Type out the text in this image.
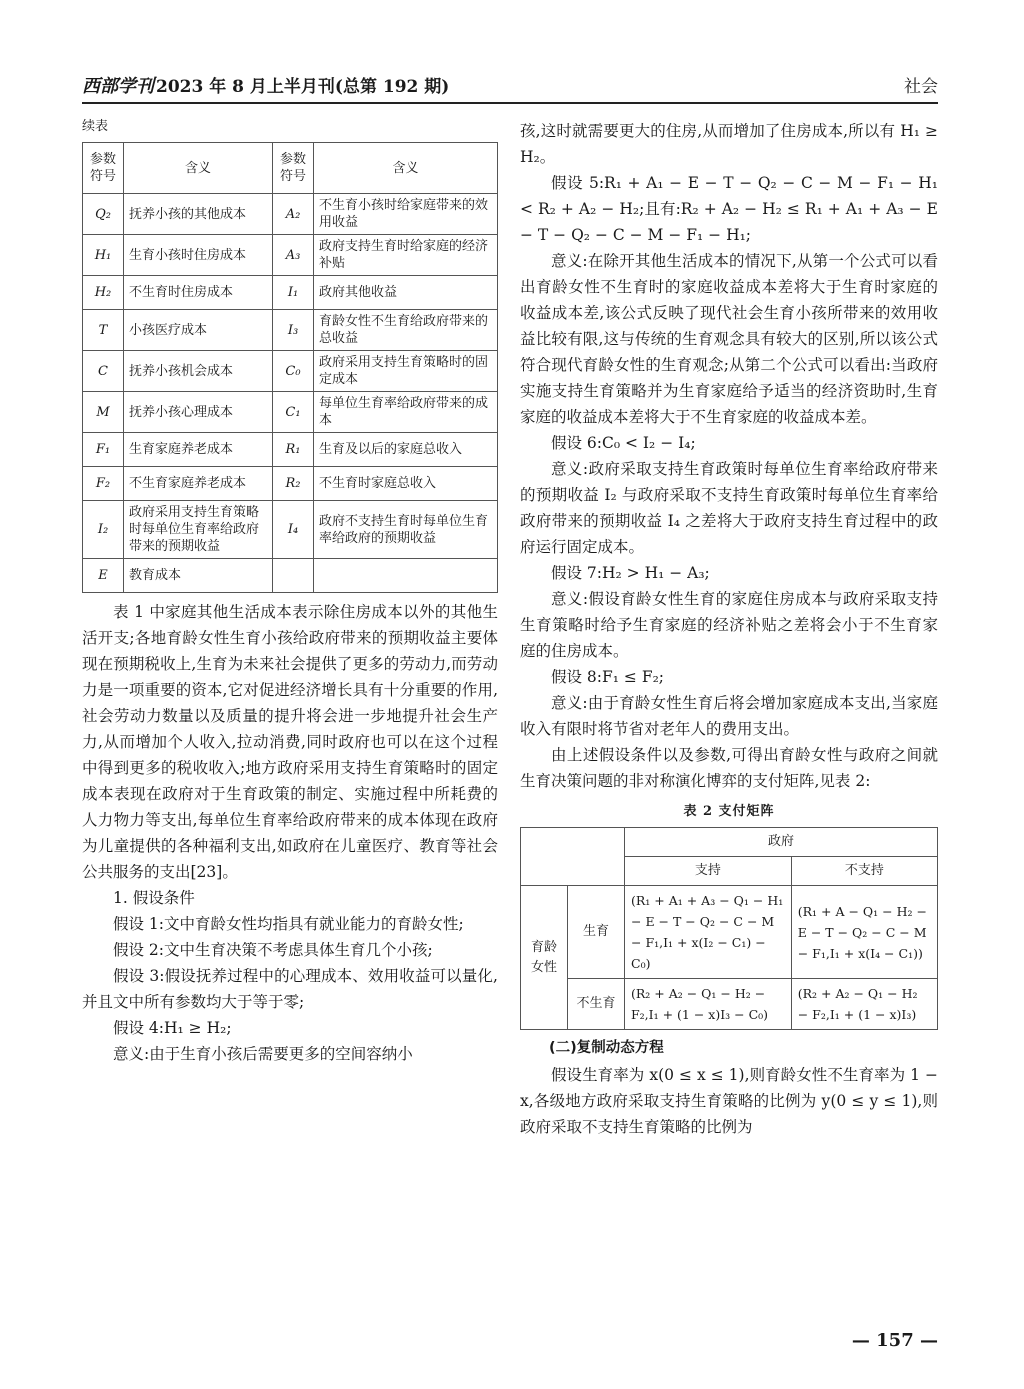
西部学刊 2023 年 8 月上半月刊(总第 192 期)	社会
续表
参数符号	含义	参数符号	含义
Q₂	抚养小孩的其他成本	A₂	不生育小孩时给家庭带来的效用收益
H₁	生育小孩时住房成本	A₃	政府支持生育时给家庭的经济补贴
H₂	不生育时住房成本	I₁	政府其他收益
T	小孩医疗成本	I₃	育龄女性不生育给政府带来的总收益
C	抚养小孩机会成本	C₀	政府采用支持生育策略时的固定成本
M	抚养小孩心理成本	C₁	每单位生育率给政府带来的成本
F₁	生育家庭养老成本	R₁	生育及以后的家庭总收入
F₂	不生育家庭养老成本	R₂	不生育时家庭总收入
I₂	政府采用支持生育策略时每单位生育率给政府带来的预期收益	I₄	政府不支持生育时每单位生育率给政府的预期收益
E	教育成本		

表 1 中家庭其他生活成本表示除住房成本以外的其他生活开支;各地育龄女性生育小孩给政府带来的预期收益主要体现在预期税收上,生育为未来社会提供了更多的劳动力,而劳动力是一项重要的资本,它对促进经济增长具有十分重要的作用,社会劳动力数量以及质量的提升将会进一步地提升社会生产力,从而增加个人收入,拉动消费,同时政府也可以在这个过程中得到更多的税收收入;地方政府采用支持生育策略时的固定成本表现在政府对于生育政策的制定、实施过程中所耗费的人力物力等支出,每单位生育率给政府带来的成本体现在政府为儿童提供的各种福利支出,如政府在儿童医疗、教育等社会公共服务的支出[23]。

1. 假设条件

假设 1:文中育龄女性均指具有就业能力的育龄女性;

假设 2:文中生育决策不考虑具体生育几个小孩;

假设 3:假设抚养过程中的心理成本、效用收益可以量化,并且文中所有参数均大于等于零;

假设 4:H₁ ≥ H₂;

意义:由于生育小孩后需要更多的空间容纳小

孩,这时就需要更大的住房,从而增加了住房成本,所以有 H₁ ≥ H₂。

假设 5:R₁ + A₁ − E − T − Q₂ − C − M − F₁ − H₁ < R₂ + A₂ − H₂;且有:R₂ + A₂ − H₂ ≤ R₁ + A₁ + A₃ − E − T − Q₂ − C − M − F₁ − H₁;

意义:在除开其他生活成本的情况下,从第一个公式可以看出育龄女性不生育时的家庭收益成本差将大于生育时家庭的收益成本差,该公式反映了现代社会生育小孩所带来的效用收益比较有限,这与传统的生育观念具有较大的区别,所以该公式符合现代育龄女性的生育观念;从第二个公式可以看出:当政府实施支持生育策略并为生育家庭给予适当的经济资助时,生育家庭的收益成本差将大于不生育家庭的收益成本差。

假设 6:C₀ < I₂ − I₄;

意义:政府采取支持生育政策时每单位生育率给政府带来的预期收益 I₂ 与政府采取不支持生育政策时每单位生育率给政府带来的预期收益 I₄ 之差将大于政府支持生育过程中的政府运行固定成本。

假设 7:H₂ > H₁ − A₃;

意义:假设育龄女性生育的家庭住房成本与政府采取支持生育策略时给予生育家庭的经济补贴之差将会小于不生育家庭的住房成本。

假设 8:F₁ ≤ F₂;

意义:由于育龄女性生育后将会增加家庭成本支出,当家庭收入有限时将节省对老年人的费用支出。

由上述假设条件以及参数,可得出育龄女性与政府之间就生育决策问题的非对称演化博弈的支付矩阵,见表 2:

表 2 支付矩阵
		政府	
		支持	不支持
育龄女性	生育	(R₁ + A₁ + A₃ − Q₁ − H₁ − E − T − Q₂ − C − M − F₁,I₁ + x(I₂ − C₁) − C₀)	(R₁ + A − Q₁ − H₂ − E − T − Q₂ − C − M − F₁,I₁ + x(I₄ − C₁))
	不生育	(R₂ + A₂ − Q₁ − H₂ − F₂,I₁ + (1 − x)I₃ − C₀)	(R₂ + A₂ − Q₁ − H₂ − F₂,I₁ + (1 − x)I₃)
(二)复制动态方程

假设生育率为 x(0 ≤ x ≤ 1),则育龄女性不生育率为 1 − x,各级地方政府采取支持生育策略的比例为 y(0 ≤ y ≤ 1),则政府采取不支持生育策略的比例为

— 157 —
